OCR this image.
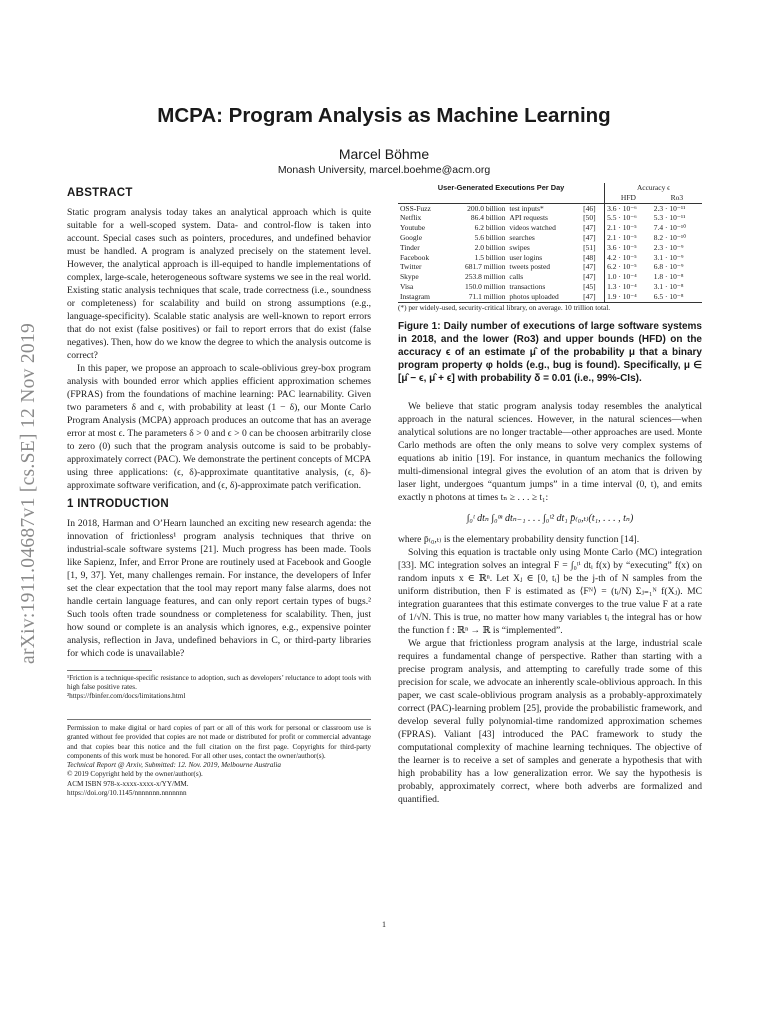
arXiv:1911.04687v1 [cs.SE] 12 Nov 2019
MCPA: Program Analysis as Machine Learning
Marcel Böhme
Monash University, marcel.boehme@acm.org
ABSTRACT

Static program analysis today takes an analytical approach which is quite suitable for a well-scoped system. Data- and control-flow is taken into account. Special cases such as pointers, procedures, and undefined behavior must be handled. A program is analyzed precisely on the statement level. However, the analytical approach is ill-equiped to handle implementations of complex, large-scale, heterogeneous software systems we see in the real world. Existing static analysis techniques that scale, trade correctness (i.e., soundness or completeness) for scalability and build on strong assumptions (e.g., language-specificity). Scalable static analysis are well-known to report errors that do not exist (false positives) or fail to report errors that do exist (false negatives). Then, how do we know the degree to which the analysis outcome is correct?

In this paper, we propose an approach to scale-oblivious grey-box program analysis with bounded error which applies efficient approximation schemes (FPRAS) from the foundations of machine learning: PAC learnability. Given two parameters δ and ϵ, with probability at least (1 − δ), our Monte Carlo Program Analysis (MCPA) approach produces an outcome that has an average error at most ϵ. The parameters δ > 0 and ϵ > 0 can be choosen arbitrarily close to zero (0) such that the program analysis outcome is said to be probably-approximately correct (PAC). We demonstrate the pertinent concepts of MCPA using three applications: (ϵ, δ)-approximate quantitative analysis, (ϵ, δ)-approximate software verification, and (ϵ, δ)-approximate patch verification.

1 INTRODUCTION

In 2018, Harman and O’Hearn launched an exciting new research agenda: the innovation of frictionless¹ program analysis techniques that thrive on industrial-scale software systems [21]. Much progress has been made. Tools like Sapienz, Infer, and Error Prone are routinely used at Facebook and Google [1, 9, 37]. Yet, many challenges remain. For instance, the developers of Infer set the clear expectation that the tool may report many false alarms, does not handle certain language features, and can only report certain types of bugs.² Such tools often trade soundness or completeness for scalability. Then, just how sound or complete is an analysis which ignores, e.g., expensive pointer analysis, reflection in Java, undefined behaviors in C, or third-party libraries for which code is unavailable?

¹Friction is a technique-specific resistance to adoption, such as developers’ reluctance to adopt tools with high false positive rates.
²https://fbinfer.com/docs/limitations.html
Permission to make digital or hard copies of part or all of this work for personal or classroom use is granted without fee provided that copies are not made or distributed for profit or commercial advantage and that copies bear this notice and the full citation on the first page. Copyrights for third-party components of this work must be honored. For all other uses, contact the owner/author(s).
Technical Report @ Arxiv, Submitted: 12. Nov. 2019, Melbourne Australia
© 2019 Copyright held by the owner/author(s).
ACM ISBN 978-x-xxxx-xxxx-x/YY/MM.
https://doi.org/10.1145/nnnnnnn.nnnnnnn
User-Generated Executions Per Day				Accuracy ϵ	
				HFD	Ro3
OSS-Fuzz	200.0 billion	test inputs*	[46]	3.6 · 10⁻⁶	2.3 · 10⁻¹¹
Netflix	86.4 billion	API requests	[50]	5.5 · 10⁻⁶	5.3 · 10⁻¹¹
Youtube	6.2 billion	videos watched	[47]	2.1 · 10⁻⁵	7.4 · 10⁻¹⁰
Google	5.6 billion	searches	[47]	2.1 · 10⁻⁵	8.2 · 10⁻¹⁰
Tinder	2.0 billion	swipes	[51]	3.6 · 10⁻⁵	2.3 · 10⁻⁹
Facebook	1.5 billion	user logins	[48]	4.2 · 10⁻⁵	3.1 · 10⁻⁹
Twitter	681.7 million	tweets posted	[47]	6.2 · 10⁻⁵	6.8 · 10⁻⁹
Skype	253.8 million	calls	[47]	1.0 · 10⁻⁴	1.8 · 10⁻⁸
Visa	150.0 million	transactions	[45]	1.3 · 10⁻⁴	3.1 · 10⁻⁸
Instagram	71.1 million	photos uploaded	[47]	1.9 · 10⁻⁴	6.5 · 10⁻⁸
(*) per widely-used, security-critical library, on average. 10 trillion total.
Figure 1: Daily number of executions of large software systems in 2018, and the lower (Ro3) and upper bounds (HFD) on the accuracy ϵ of an estimate μ̂ of the probability μ that a binary program property φ holds (e.g., bug is found). Specifically, μ ∈ [μ̂ − ϵ, μ̂ + ϵ] with probability δ = 0.01 (i.e., 99%-CIs).

We believe that static program analysis today resembles the analytical approach in the natural sciences. However, in the natural sciences—when analytical solutions are no longer tractable—other approaches are used. Monte Carlo methods are often the only means to solve very complex systems of equations ab initio [19]. For instance, in quantum mechanics the following multi-dimensional integral gives the evolution of an atom that is driven by laser light, undergoes “quantum jumps” in a time interval (0, t), and emits exactly n photons at times tₙ ≥ . . . ≥ t₁:

∫₀ᵗ dtₙ ∫₀ᵗⁿ dtₙ₋₁ . . . ∫₀ᵗ² dt₁ p̄₍₀,ₜ₎(t₁, . . . , tₙ)

where p̄₍₀,ₜ₎ is the elementary probability density function [14].

Solving this equation is tractable only using Monte Carlo (MC) integration [33]. MC integration solves an integral F = ∫₀ᵗⁱ dtᵢ f(x) by “executing” f(x) on random inputs x ∈ ℝⁿ. Let Xⱼ ∈ [0, tᵢ] be the j-th of N samples from the uniform distribution, then F is estimated as ⟨Fᴺ⟩ = (tᵢ/N) Σⱼ₌₁ᴺ f(Xⱼ). MC integration guarantees that this estimate converges to the true value F at a rate of 1/√N. This is true, no matter how many variables tᵢ the integral has or how the function f : ℝⁿ → ℝ is “implemented”.

We argue that frictionless program analysis at the large, industrial scale requires a fundamental change of perspective. Rather than starting with a precise program analysis, and attempting to carefully trade some of this precision for scale, we advocate an inherently scale-oblivious approach. In this paper, we cast scale-oblivious program analysis as a probably-approximately correct (PAC)-learning problem [25], provide the probabilistic framework, and develop several fully polynomial-time randomized approximation schemes (FPRAS). Valiant [43] introduced the PAC framework to study the computational complexity of machine learning techniques. The objective of the learner is to receive a set of samples and generate a hypothesis that with high probability has a low generalization error. We say the hypothesis is probably, approximately correct, where both adverbs are formalized and quantified.

1
